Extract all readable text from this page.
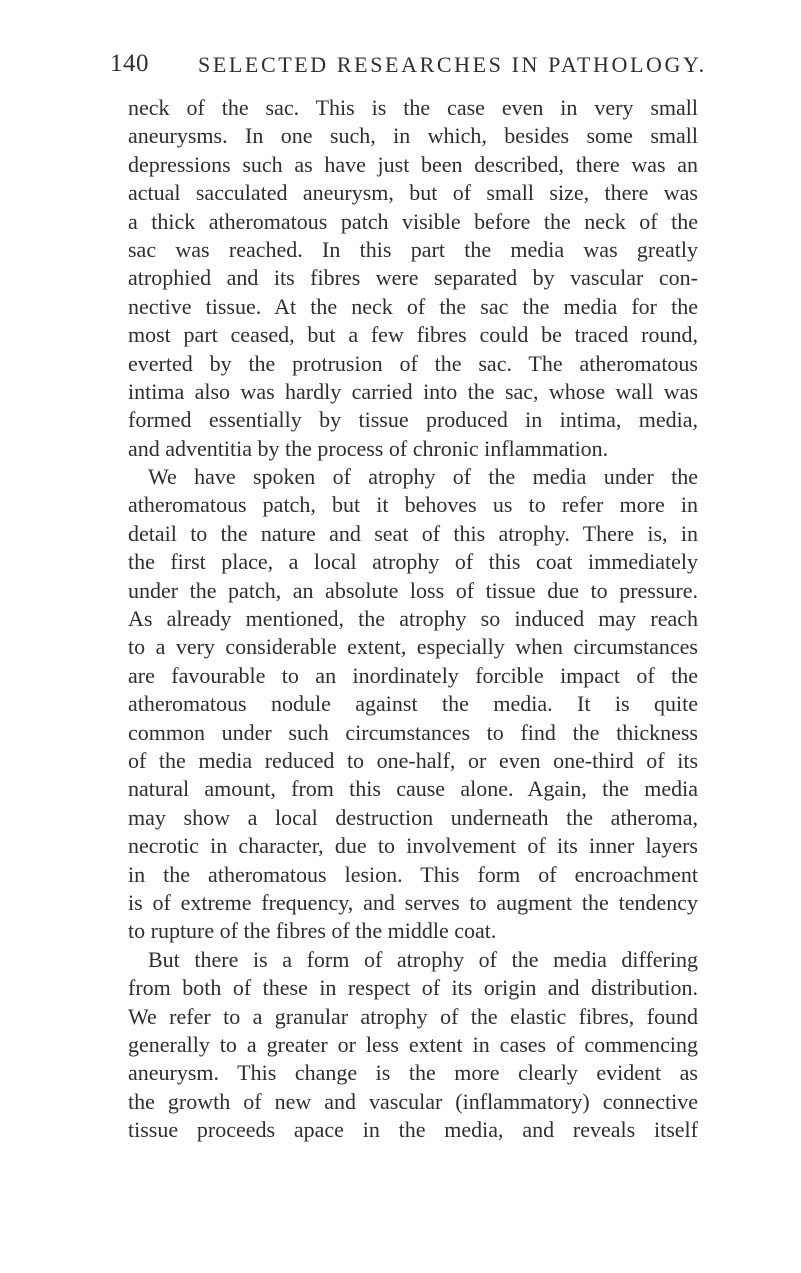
140 SELECTED RESEARCHES IN PATHOLOGY.
neck of the sac. This is the case even in very small
aneurysms. In one such, in which, besides some small
depressions such as have just been described, there was an
actual sacculated aneurysm, but of small size, there was
a thick atheromatous patch visible before the neck of the
sac was reached. In this part the media was greatly
atrophied and its fibres were separated by vascular con-
nective tissue. At the neck of the sac the media for the
most part ceased, but a few fibres could be traced round,
everted by the protrusion of the sac. The atheromatous
intima also was hardly carried into the sac, whose wall was
formed essentially by tissue produced in intima, media,
and adventitia by the process of chronic inflammation.
We have spoken of atrophy of the media under the
atheromatous patch, but it behoves us to refer more in
detail to the nature and seat of this atrophy. There is, in
the first place, a local atrophy of this coat immediately
under the patch, an absolute loss of tissue due to pressure.
As already mentioned, the atrophy so induced may reach
to a very considerable extent, especially when circumstances
are favourable to an inordinately forcible impact of the
atheromatous nodule against the media. It is quite
common under such circumstances to find the thickness
of the media reduced to one-half, or even one-third of its
natural amount, from this cause alone. Again, the media
may show a local destruction underneath the atheroma,
necrotic in character, due to involvement of its inner layers
in the atheromatous lesion. This form of encroachment
is of extreme frequency, and serves to augment the tendency
to rupture of the fibres of the middle coat.
But there is a form of atrophy of the media differing
from both of these in respect of its origin and distribution.
We refer to a granular atrophy of the elastic fibres, found
generally to a greater or less extent in cases of commencing
aneurysm. This change is the more clearly evident as
the growth of new and vascular (inflammatory) connective
tissue proceeds apace in the media, and reveals itself
